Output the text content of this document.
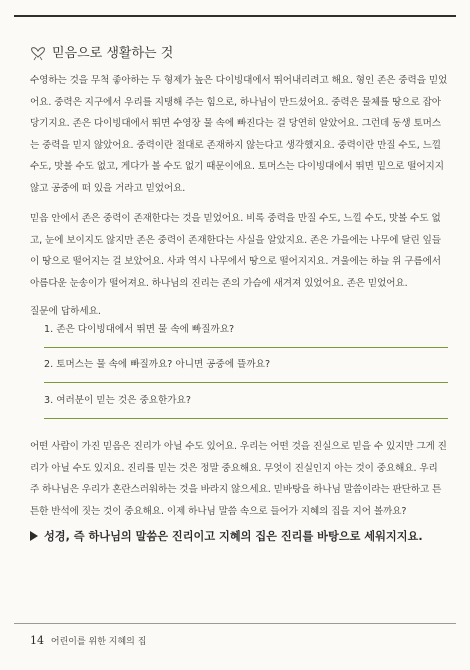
믿음으로 생활하는 것

수영하는 것을 무척 좋아하는 두 형제가 높은 다이빙대에서 뛰어내리려고 해요. 형인 존은 중력을 믿었어요. 중력은 지구에서 우리를 지탱해 주는 힘으로, 하나님이 만드셨어요. 중력은 물체를 땅으로 잡아당기지요. 존은 다이빙대에서 뛰면 수영장 물 속에 빠진다는 걸 당연히 알았어요. 그런데 동생 토머스는 중력을 믿지 않았어요. 중력이란 절대로 존재하지 않는다고 생각했지요. 중력이란 만질 수도, 느낄 수도, 맛볼 수도 없고, 게다가 볼 수도 없기 때문이에요. 토머스는 다이빙대에서 뛰면 밑으로 떨어지지 않고 공중에 떠 있을 거라고 믿었어요.

믿음 안에서 존은 중력이 존재한다는 것을 믿었어요. 비록 중력을 만질 수도, 느낄 수도, 맛볼 수도 없고, 눈에 보이지도 않지만 존은 중력이 존재한다는 사실을 알았지요. 존은 가을에는 나무에 달린 잎들이 땅으로 떨어지는 걸 보았어요. 사과 역시 나무에서 땅으로 떨어지지요. 겨울에는 하늘 위 구름에서 아름다운 눈송이가 떨어져요. 하나님의 진리는 존의 가슴에 새겨져 있었어요. 존은 믿었어요.

질문에 답하세요.
1. 존은 다이빙대에서 뛰면 물 속에 빠질까요?
2. 토머스는 물 속에 빠질까요? 아니면 공중에 뜰까요?
3. 여러분이 믿는 것은 중요한가요?

어떤 사람이 가진 믿음은 진리가 아닐 수도 있어요. 우리는 어떤 것을 진실으로 믿을 수 있지만 그게 진리가 아닐 수도 있지요. 진리를 믿는 것은 정말 중요해요. 무엇이 진실인지 아는 것이 중요해요. 우리 주 하나님은 우리가 혼란스러워하는 것을 바라지 않으세요. 믿바탕을 하나님 말씀이라는 판단하고 튼튼한 반석에 짓는 것이 중요해요. 이제 하나님 말씀 속으로 들어가 지혜의 집을 지어 볼까요?

성경, 즉 하나님의 말씀은 진리이고 지혜의 집은 진리를 바탕으로 세워지지요.
14 어린이를 위한 지혜의 집
